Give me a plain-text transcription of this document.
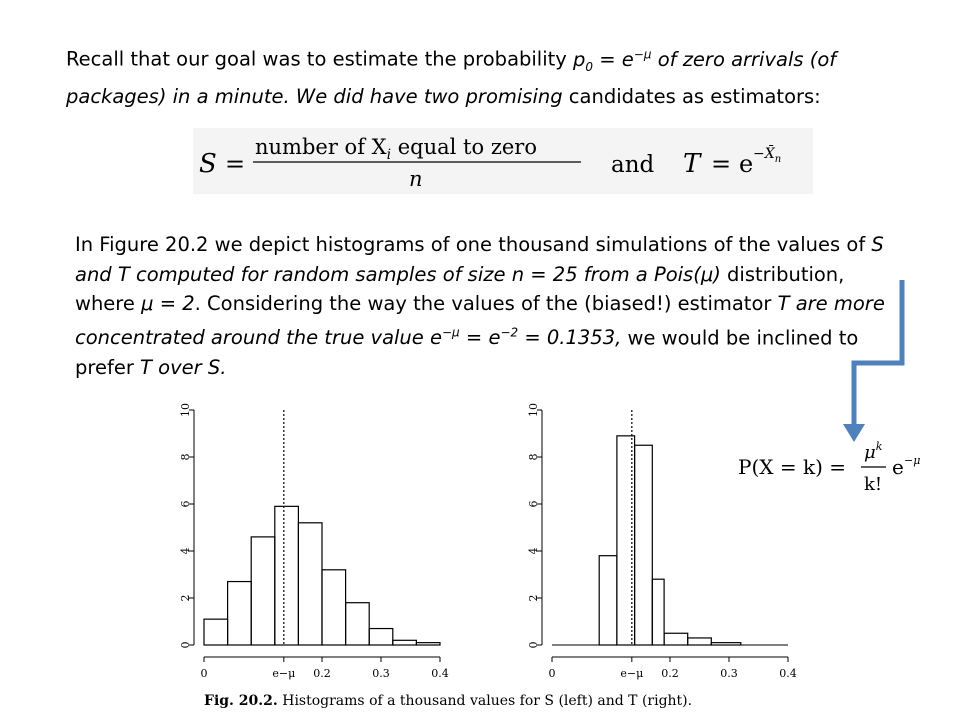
Recall that our goal was to estimate the probability $p_0 = e^{-\mu}$ of zero arrivals (of packages) in a minute. We did have two promising candidates as estimators:
S =
number of $X_i$ equal to zero
n
and $T = e -X̄_n$
In Figure 20.2 we depict histograms of one thousand simulations of the values of S and T computed for random samples of size n = 25 from a Pois(μ) distribution, where μ = 2. Considering the way the values of the (biased!) estimator T are more concentrated around the true value $e^{-\mu} = e^{-2} = 0.1353$, we would be inclined to prefer T over S.
P(X = k) =
$\mu^k$
k!
e −μ
0
2
4
6
8
10
0	e−μ 0.2	0.3	0.4
0
2
4
6
8
10
0	e−μ 0.2	0.3	0.4
Fig. 20.2. Histograms of a thousand values for S (left) and T (right).
